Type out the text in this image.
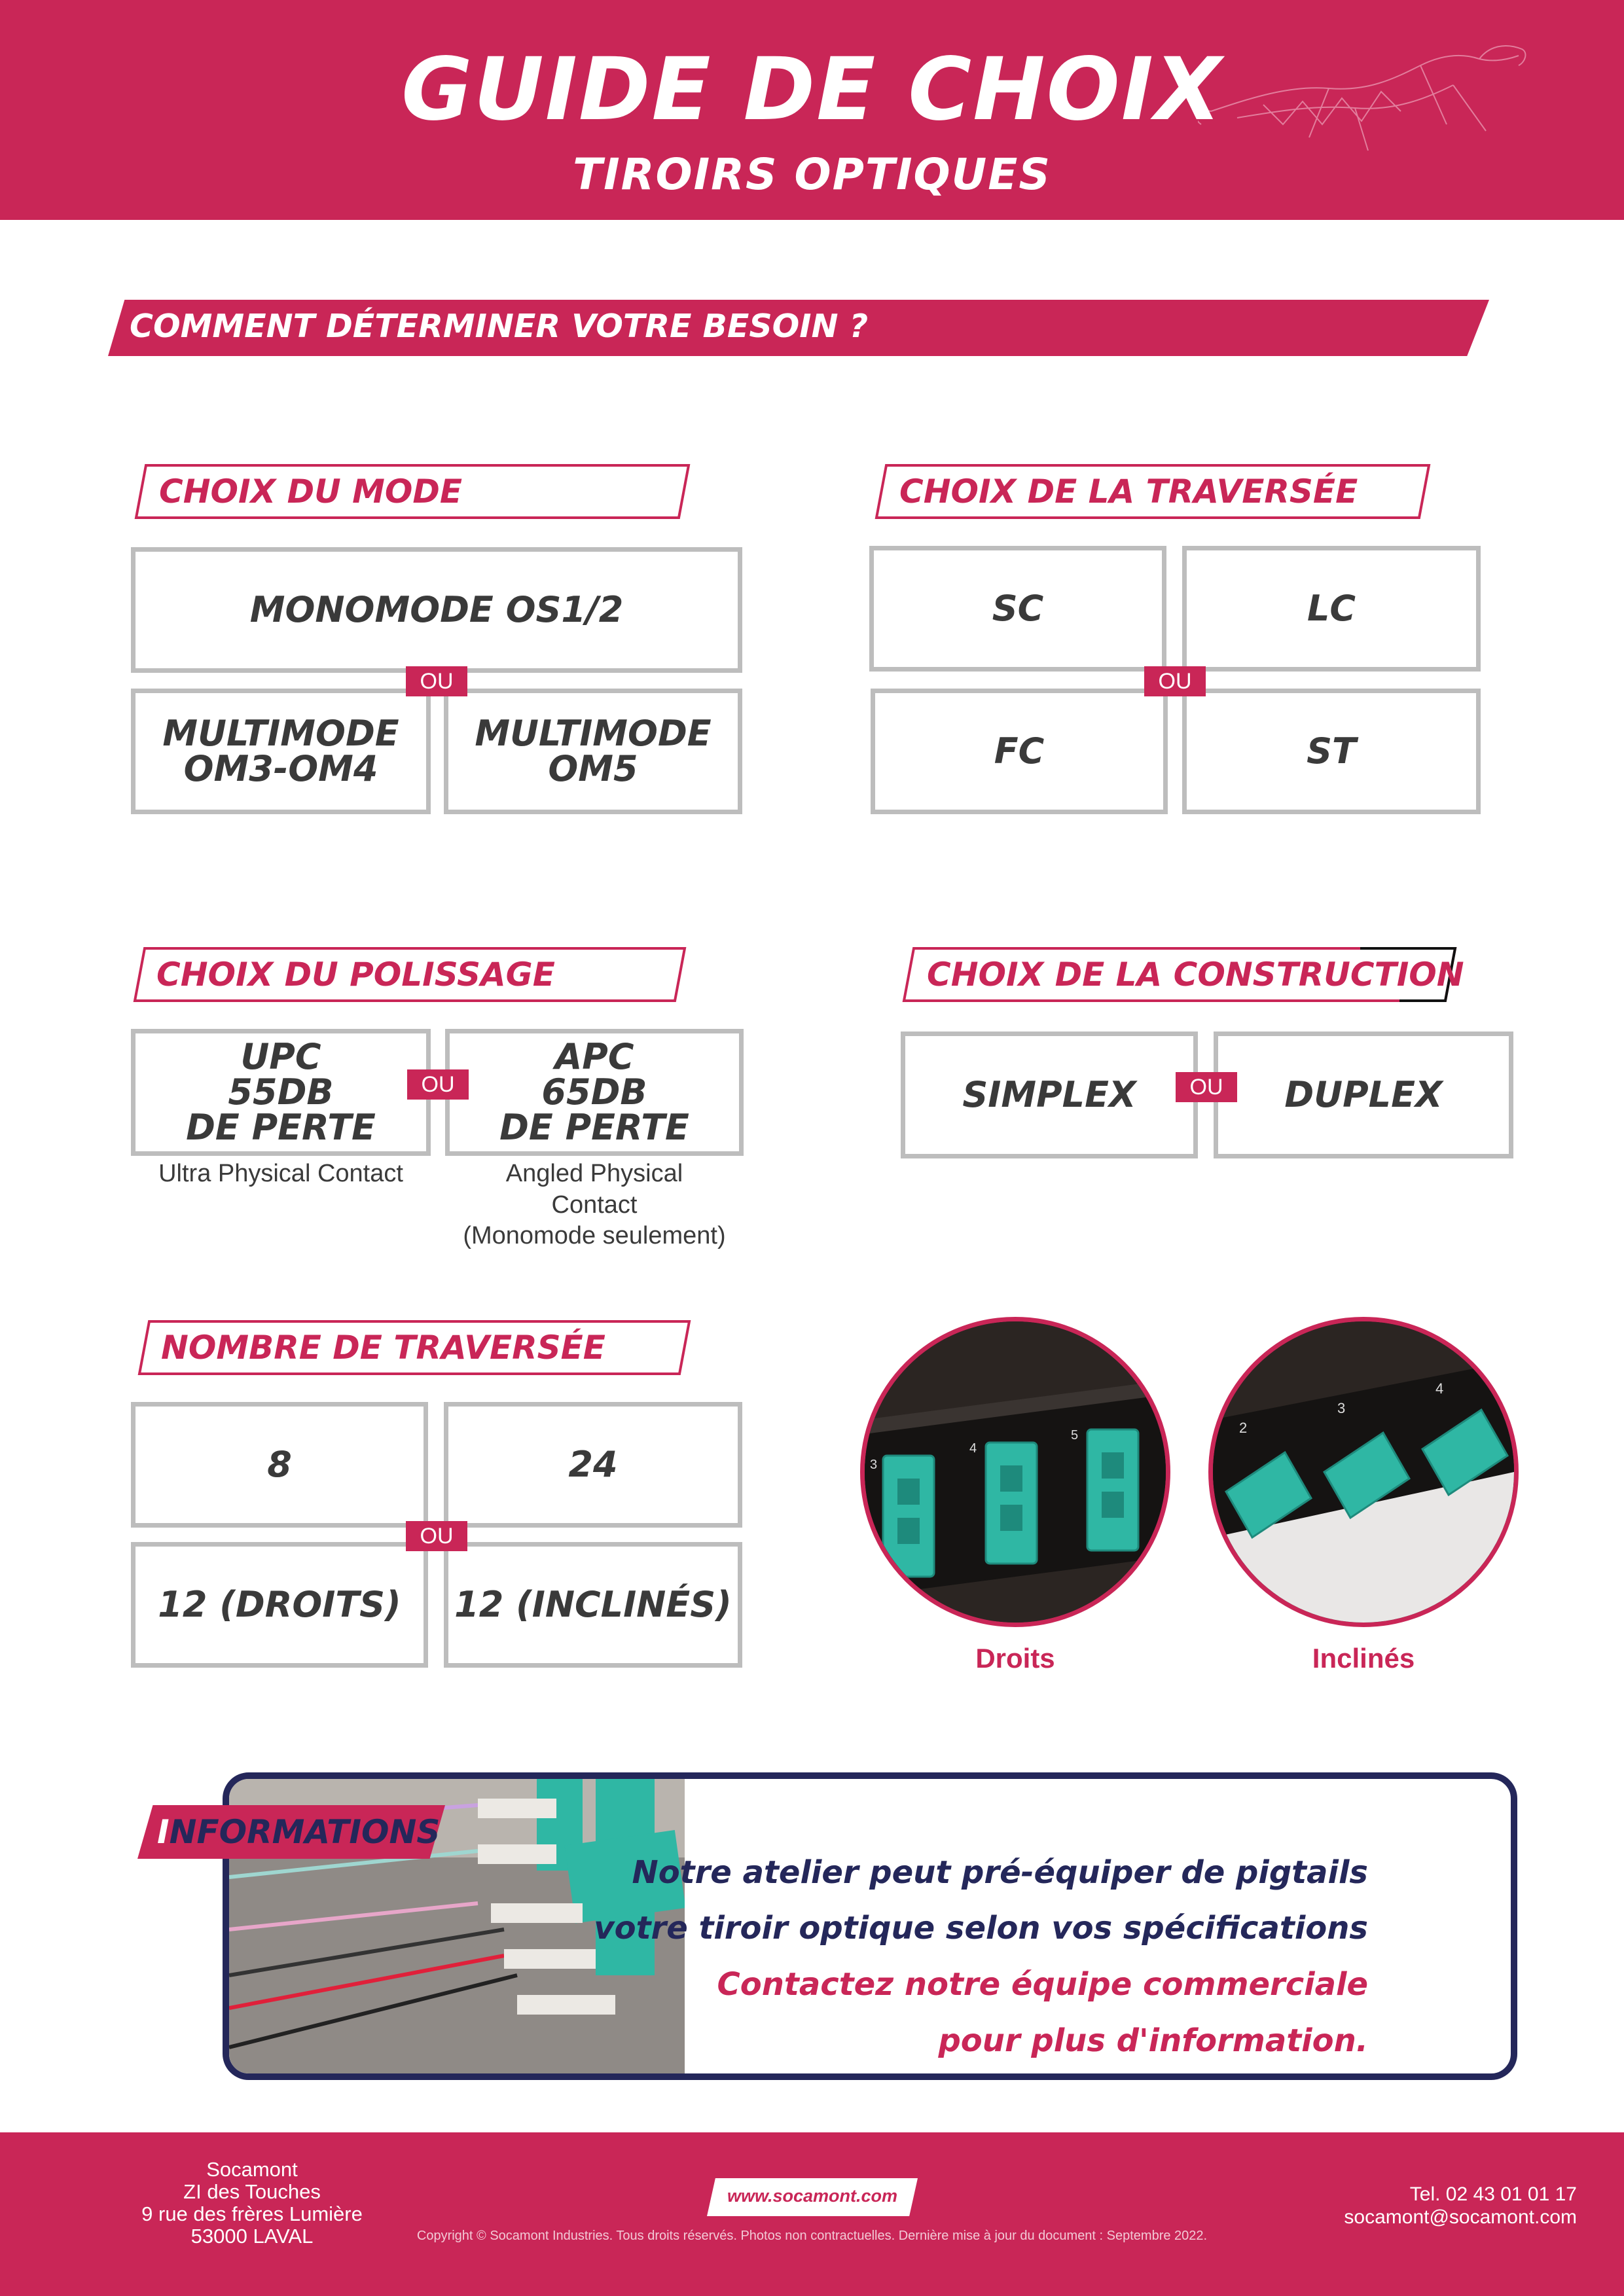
GUIDE DE CHOIX
TIROIRS OPTIQUES
COMMENT DÉTERMINER VOTRE BESOIN ?
CHOIX DU MODE
MONOMODE OS1/2
MULTIMODE
OM3-OM4
MULTIMODE
OM5
OU
CHOIX DE LA TRAVERSÉE
SC	LC
FC	ST
OU
CHOIX DU POLISSAGE
UPC
55DB
DE PERTE
APC
65DB
DE PERTE
OU
Ultra Physical Contact	Angled Physical
Contact
(Monomode seulement)
CHOIX DE LA CONSTRUCTION
SIMPLEX	DUPLEX
OU
NOMBRE DE TRAVERSÉE
8	24
12 (DROITS) 12 (INCLINÉS)
OU
3
4
5	2
3
4
Droits	Inclinés
Notre atelier peut pré-équiper de pigtails
votre tiroir optique selon vos spécifications
Contactez notre équipe commerciale
pour plus d'information.
INFORMATIONS
Socamont
ZI des Touches
9 rue des frères Lumière
53000 LAVAL
www.socamont.com
Copyright © Socamont Industries. Tous droits réservés. Photos non contractuelles. Dernière mise à jour du document : Septembre 2022.
Tel. 02 43 01 01 17
socamont@socamont.com
